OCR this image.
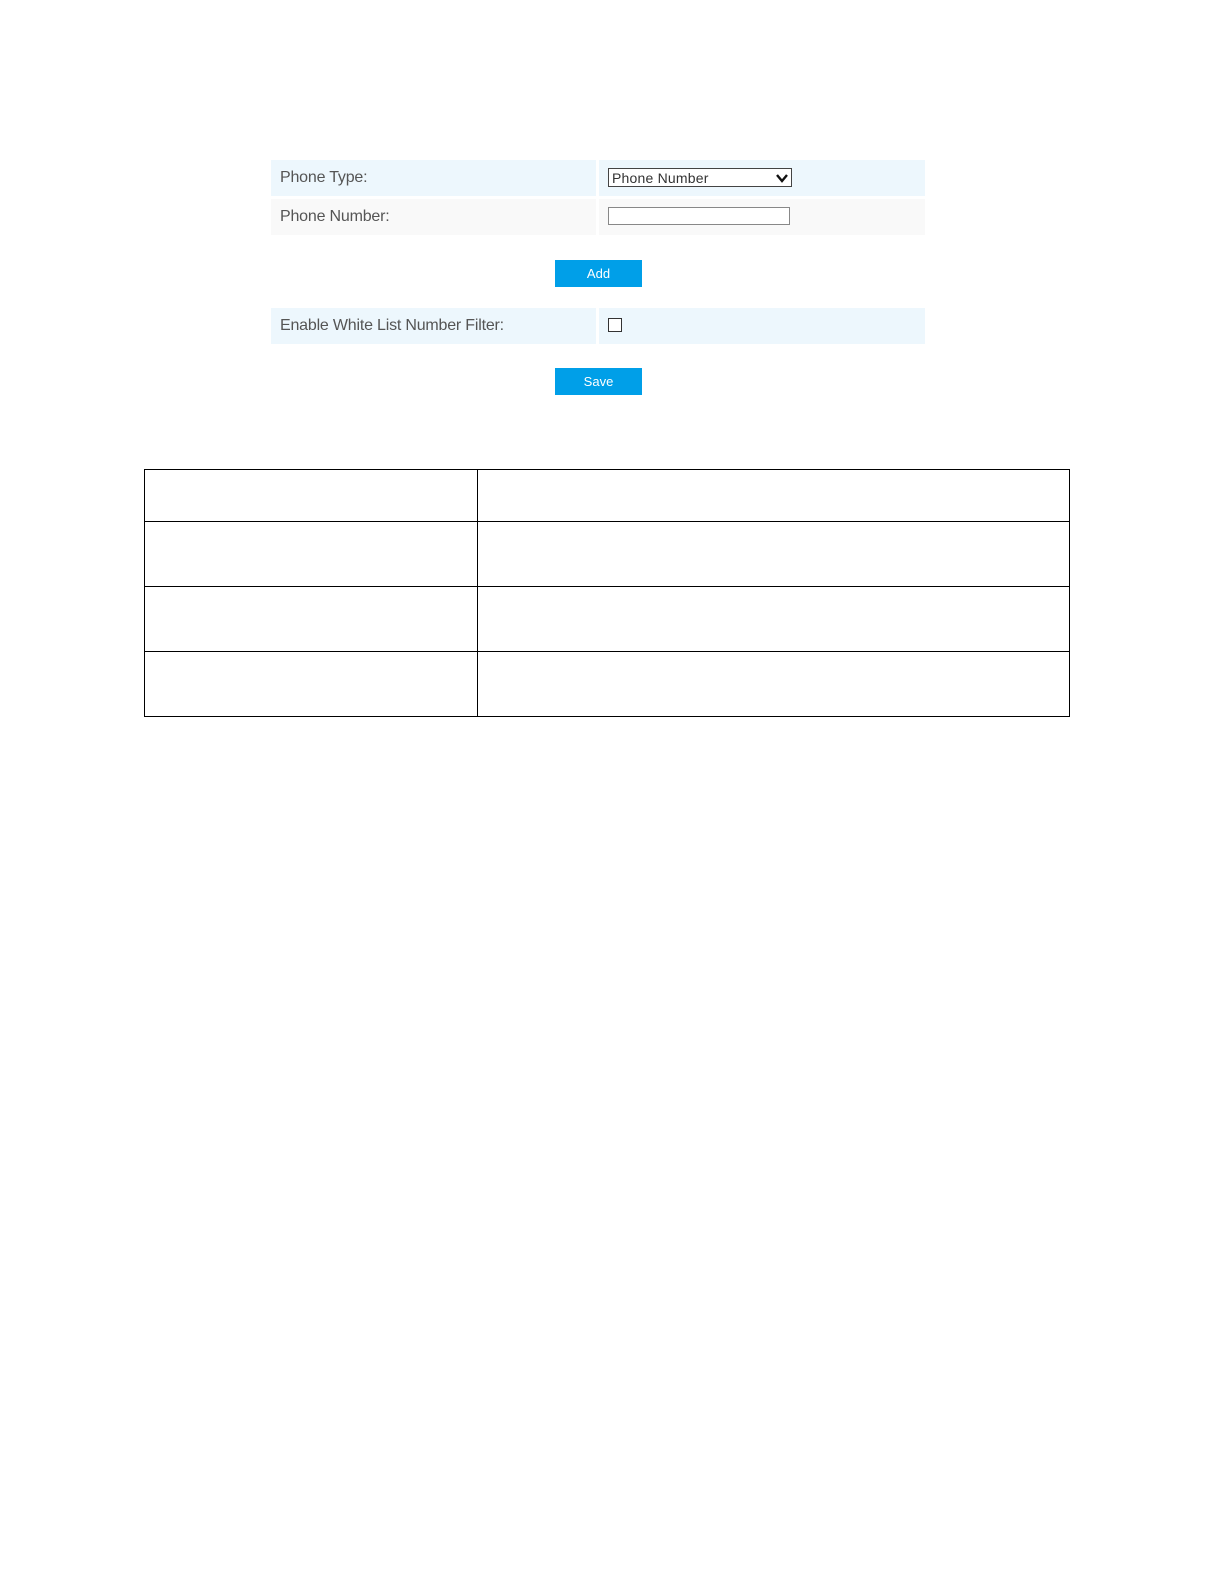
Phone Type:	Phone Number
Phone Number:
Add
Enable White List Number Filter:
Save
